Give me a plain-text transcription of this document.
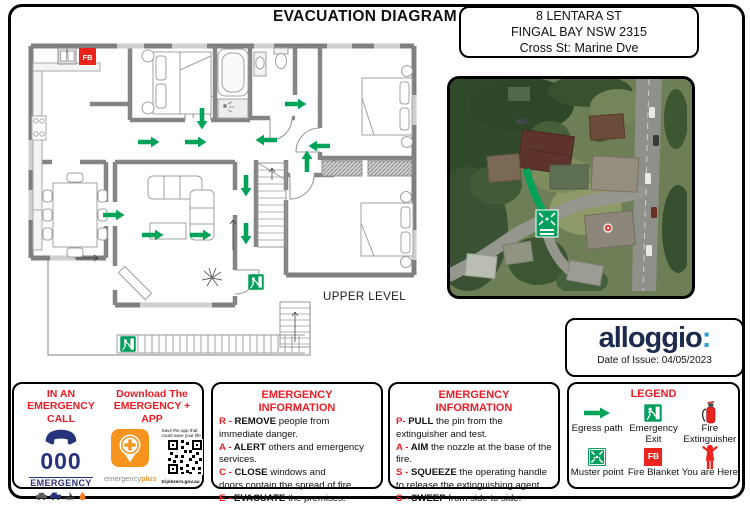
EVACUATION DIAGRAM	8 LENTARA ST
FINGAL BAY NSW 2315
Cross St: Marine Dve
FB
UPPER LEVEL
alloggio:
Date of Issue: 04/05/2023
IN AN EMERGENCY CALL
Download The EMERGENCY + APP
000
EMERGENCY	emergencyplus
Save the app that could save your life
triplezero.gov.au
EMERGENCY
INFORMATION
R - REMOVE people from immediate danger.
A - ALERT others and emergency services.
C - CLOSE windows and doors,contain the spread of fire.
E - EVACUATE the premises.
EMERGENCY
INFORMATION
P- PULL the pin from the extinguisher and test.
A - AIM the nozzle at the base of the fire.
S - SQUEEZE the operating handle to release the extinguishing agent.
S - SWEEP from side to side.
LEGEND
Egress path Emergency Exit
Fire Extinguisher
Muster point
FB
Fire Blanket You are Here
